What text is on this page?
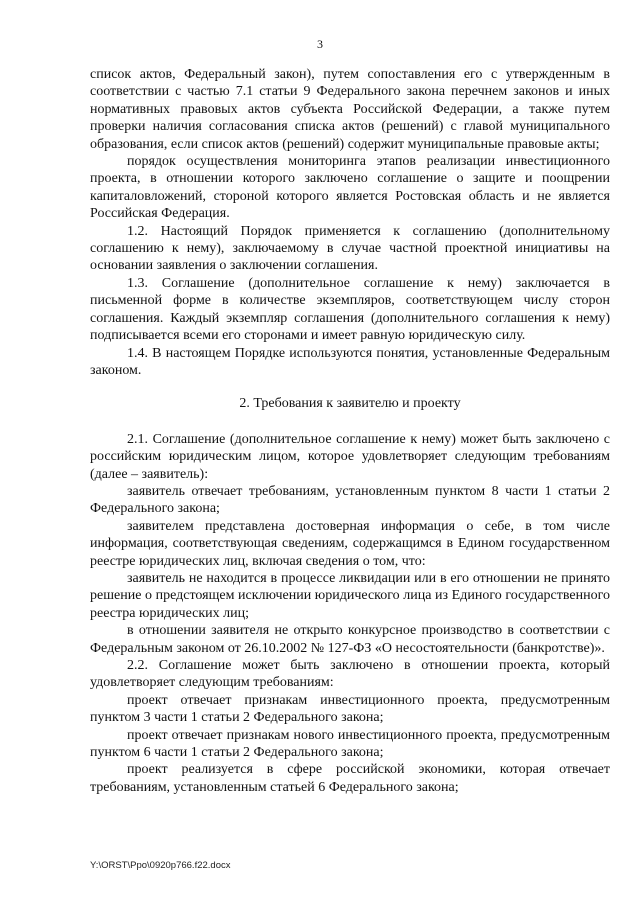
3

список актов, Федеральный закон), путем сопоставления его с утвержденным в соответствии с частью 7.1 статьи 9 Федерального закона перечнем законов и иных нормативных правовых актов субъекта Российской Федерации, а также путем проверки наличия согласования списка актов (решений) с главой муниципального образования, если список актов (решений) содержит муниципальные правовые акты;

порядок осуществления мониторинга этапов реализации инвестиционного проекта, в отношении которого заключено соглашение о защите и поощрении капиталовложений, стороной которого является Ростовская область и не является Российская Федерация.

1.2. Настоящий Порядок применяется к соглашению (дополнительному соглашению к нему), заключаемому в случае частной проектной инициативы на основании заявления о заключении соглашения.

1.3. Соглашение (дополнительное соглашение к нему) заключается в письменной форме в количестве экземпляров, соответствующем числу сторон соглашения. Каждый экземпляр соглашения (дополнительного соглашения к нему) подписывается всеми его сторонами и имеет равную юридическую силу.

1.4. В настоящем Порядке используются понятия, установленные Федеральным законом.

2. Требования к заявителю и проекту

2.1. Соглашение (дополнительное соглашение к нему) может быть заключено с российским юридическим лицом, которое удовлетворяет следующим требованиям (далее – заявитель):

заявитель отвечает требованиям, установленным пунктом 8 части 1 статьи 2 Федерального закона;

заявителем представлена достоверная информация о себе, в том числе информация, соответствующая сведениям, содержащимся в Едином государственном реестре юридических лиц, включая сведения о том, что:

заявитель не находится в процессе ликвидации или в его отношении не принято решение о предстоящем исключении юридического лица из Единого государственного реестра юридических лиц;

в отношении заявителя не открыто конкурсное производство в соответствии с Федеральным законом от 26.10.2002 № 127-ФЗ «О несостоятельности (банкротстве)».

2.2. Соглашение может быть заключено в отношении проекта, который удовлетворяет следующим требованиям:

проект отвечает признакам инвестиционного проекта, предусмотренным пунктом 3 части 1 статьи 2 Федерального закона;

проект отвечает признакам нового инвестиционного проекта, предусмотренным пунктом 6 части 1 статьи 2 Федерального закона;

проект реализуется в сфере российской экономики, которая отвечает требованиям, установленным статьей 6 Федерального закона;

Y:\ORST\Ppo\0920p766.f22.docx
